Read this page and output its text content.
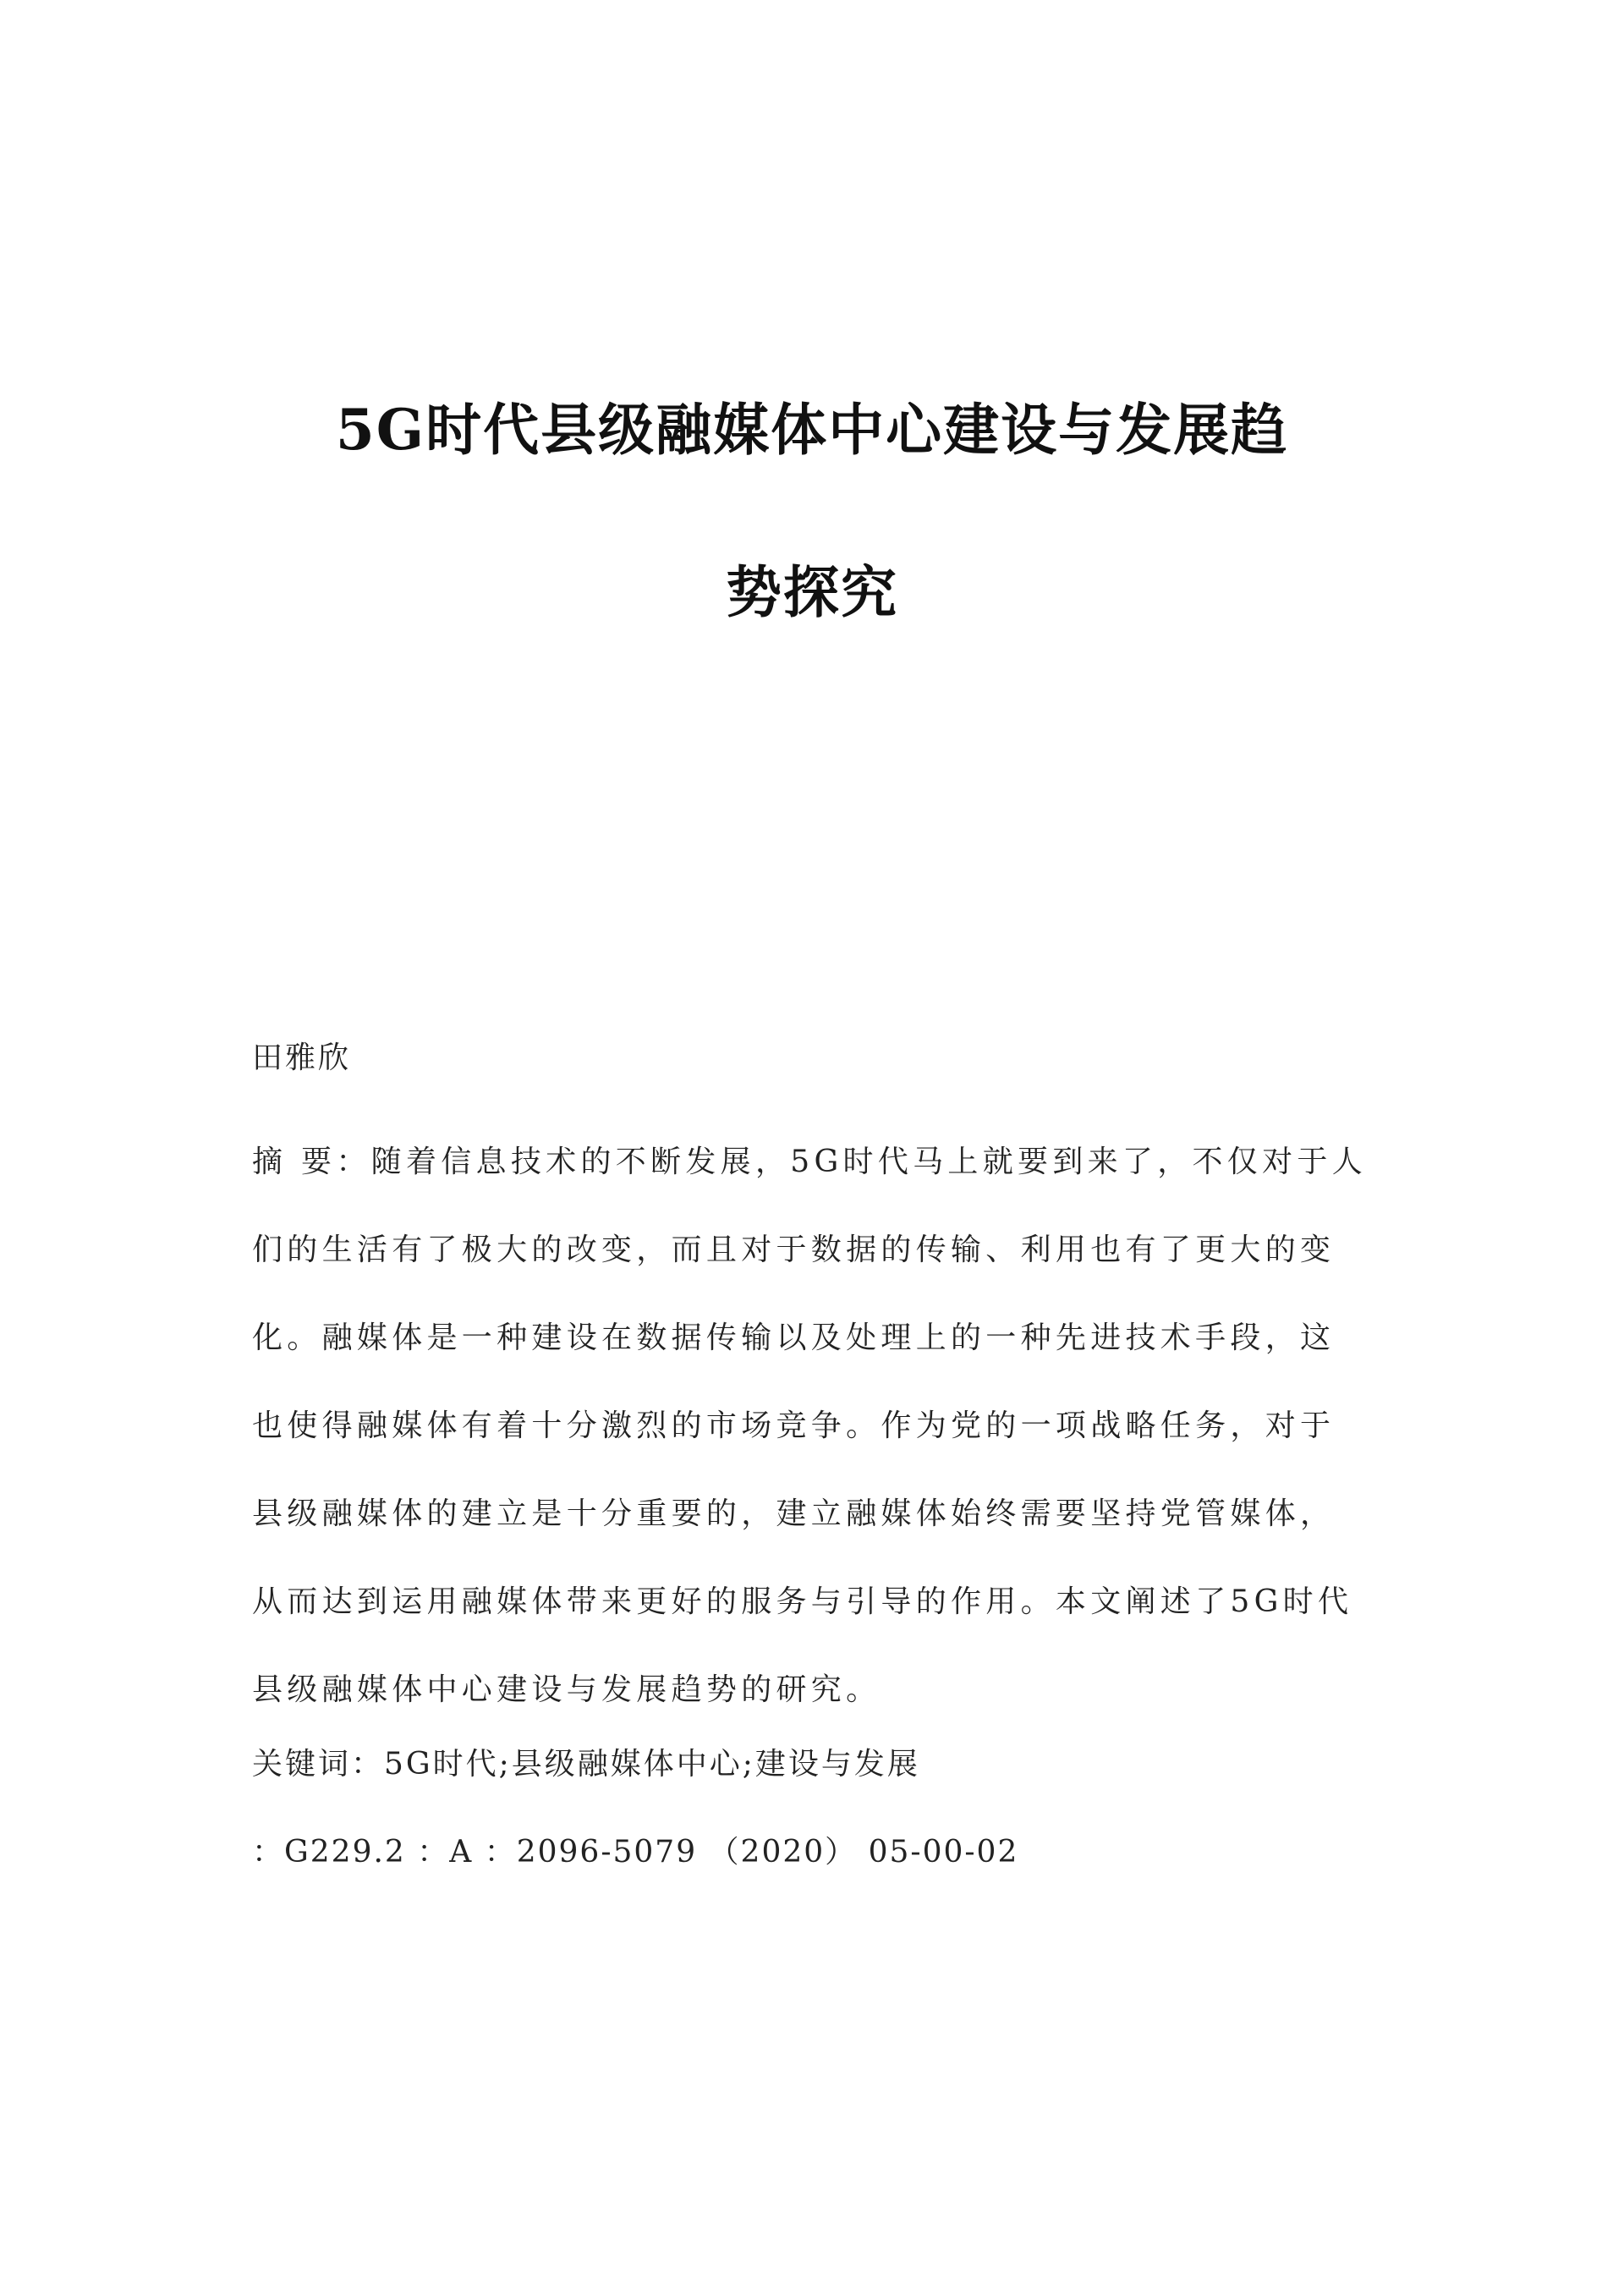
5G时代县级融媒体中心建设与发展趋
势探究
田雅欣

摘 要：随着信息技术的不断发展，5G时代马上就要到来了，不仅对于人们的生活有了极大的改变，而且对于数据的传输、利用也有了更大的变化。融媒体是一种建设在数据传输以及处理上的一种先进技术手段，这也使得融媒体有着十分激烈的市场竞争。作为党的一项战略任务，对于县级融媒体的建立是十分重要的，建立融媒体始终需要坚持党管媒体，从而达到运用融媒体带来更好的服务与引导的作用。本文阐述了5G时代县级融媒体中心建设与发展趋势的研究。

关键词：5G时代;县级融媒体中心;建设与发展
：G229.2 ：A ：2096-5079 （2020） 05-00-02
